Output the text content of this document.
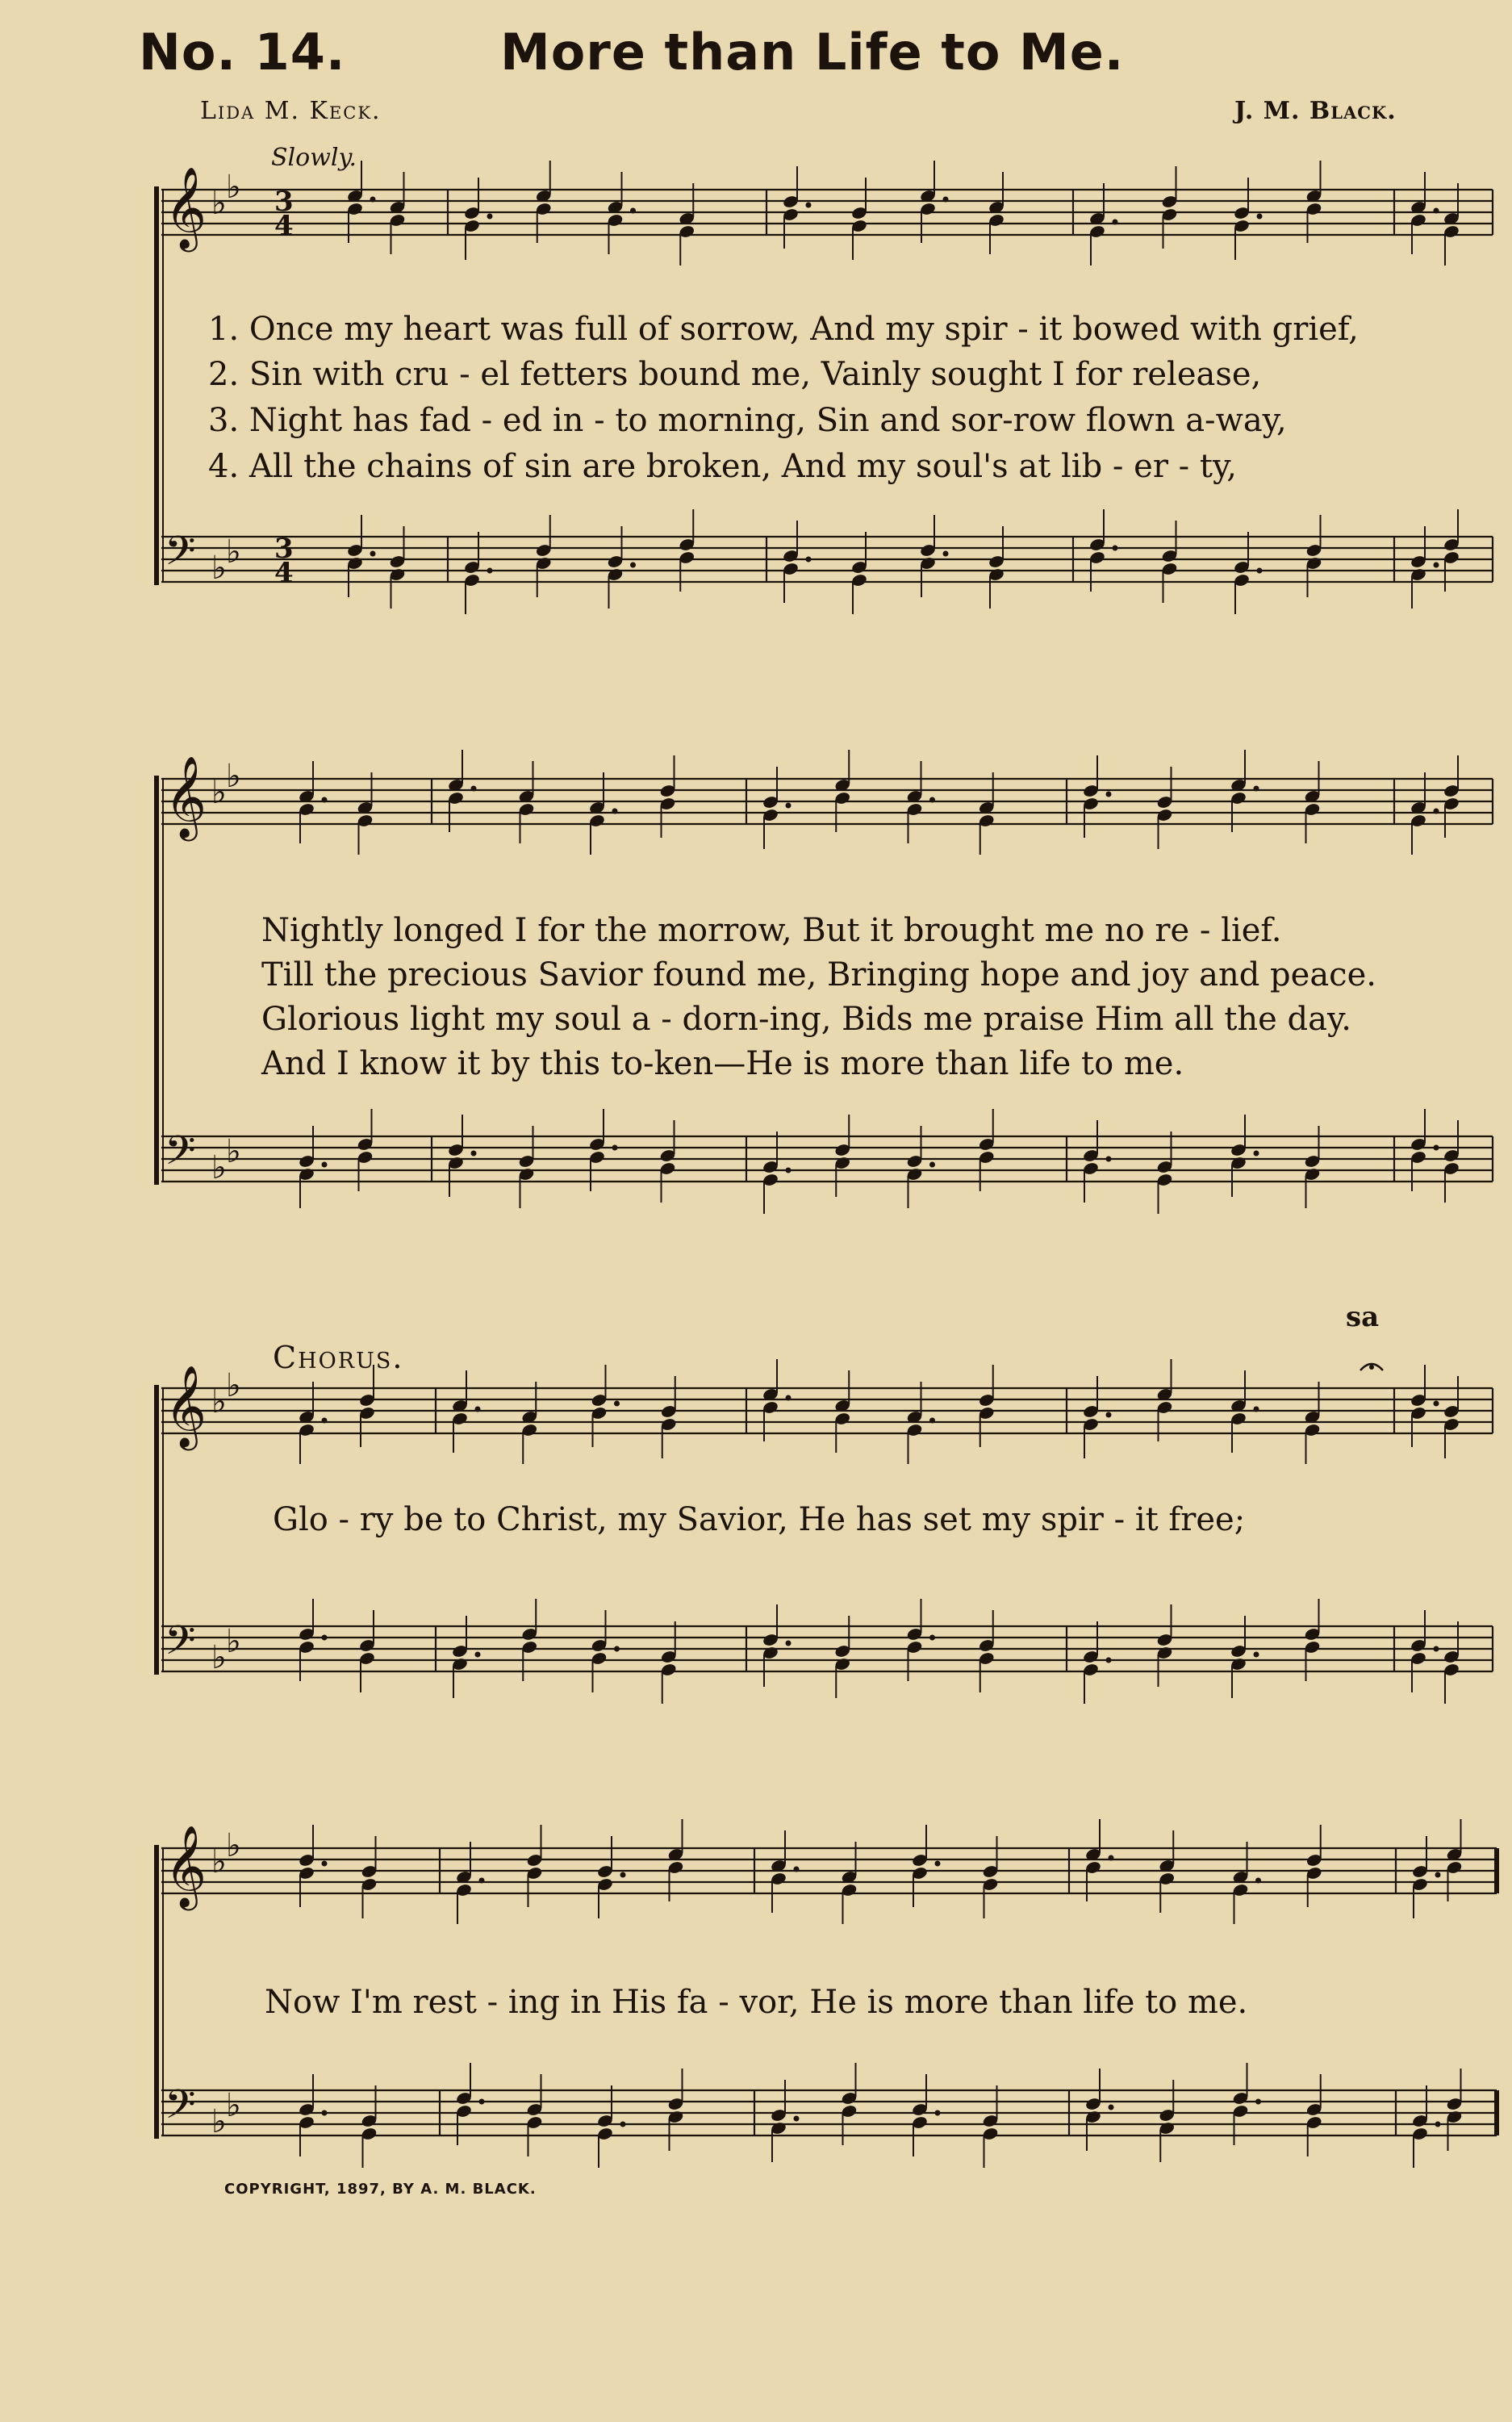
𝄞 ♭ ♭ 3
4
𝄢 ♭ ♭ 3
4
𝄞 ♭ ♭
𝄢 ♭ ♭
𝄞 ♭ ♭
𝄢 ♭ ♭
𝄞 ♭ ♭
𝄢 ♭ ♭
No. 14.	More than Life to Me.
Lida M. Keck.	J. M. Black.
Slowly.
1. Once my heart was full of sorrow, And my spir - it bowed with grief,
2. Sin with cru - el fetters bound me, Vainly sought I for release,
3. Night has fad - ed in - to morning, Sin and sor-row flown a-way,
4. All the chains of sin are broken, And my soul's at lib - er - ty,
Nightly longed I for the morrow, But it brought me no re - lief.
Till the precious Savior found me, Bringing hope and joy and peace.
Glorious light my soul a - dorn-ing, Bids me praise Him all the day.
And I know it by this to-ken—He is more than life to me.
sa
Chorus.
Glo - ry be to Christ, my Savior, He has set my spir - it free;
Now I'm rest - ing in His fa - vor, He is more than life to me.
COPYRIGHT, 1897, BY A. M. BLACK.
